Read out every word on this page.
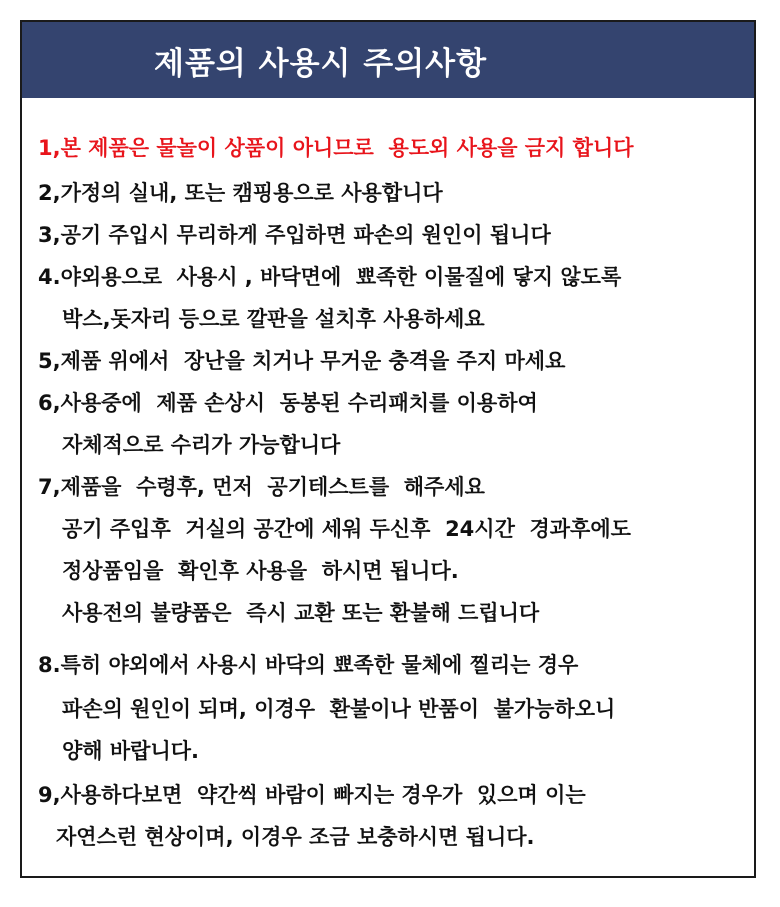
제품의 사용시 주의사항
1,본 제품은 물놀이 상품이 아니므로  용도외 사용을 금지 합니다
2,가정의 실내, 또는 캠핑용으로 사용합니다
3,공기 주입시 무리하게 주입하면 파손의 원인이 됩니다
4.야외용으로  사용시 , 바닥면에  뾰족한 이물질에 닿지 않도록
박스,돗자리 등으로 깔판을 설치후 사용하세요
5,제품 위에서  장난을 치거나 무거운 충격을 주지 마세요
6,사용중에  제품 손상시  동봉된 수리패치를 이용하여
자체적으로 수리가 가능합니다
7,제품을  수령후, 먼저  공기테스트를  해주세요
공기 주입후  거실의 공간에 세워 두신후  24시간  경과후에도
정상품임을  확인후 사용을  하시면 됩니다.
사용전의 불량품은  즉시 교환 또는 환불해 드립니다
8.특히 야외에서 사용시 바닥의 뾰족한 물체에 찔리는 경우
파손의 원인이 되며, 이경우  환불이나 반품이  불가능하오니
양해 바랍니다.
9,사용하다보면  약간씩 바람이 빠지는 경우가  있으며 이는
자연스런 현상이며, 이경우 조금 보충하시면 됩니다.
